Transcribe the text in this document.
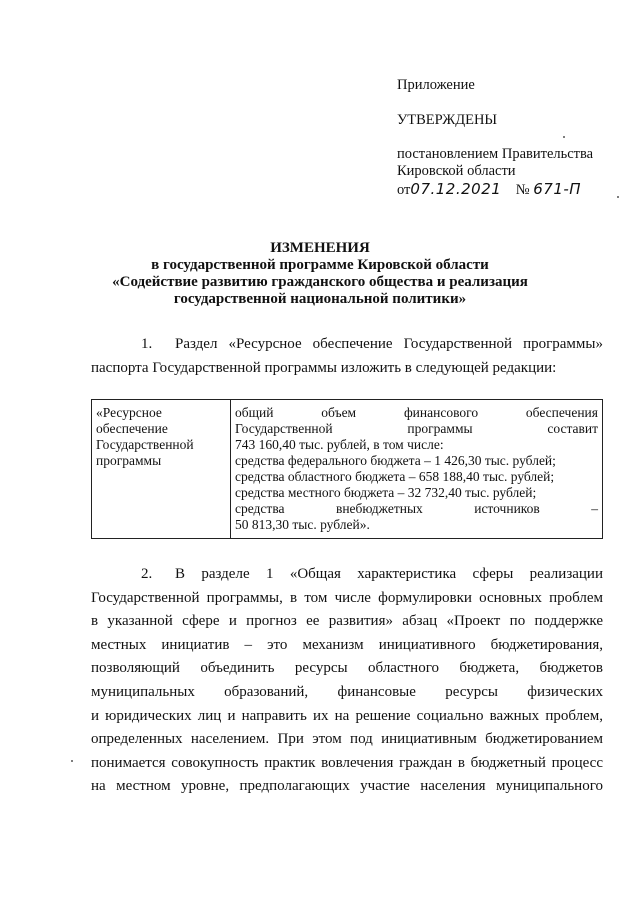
Приложение
УТВЕРЖДЕНЫ
постановлением Правительства
Кировской области
от07.12.2021 № 671-П
ИЗМЕНЕНИЯ
в государственной программе Кировской области
«Содействие развитию гражданского общества и реализация
государственной национальной политики»
1.	Раздел «Ресурсное обеспечение Государственной программы»
паспорта Государственной программы изложить в следующей редакции:
«Ресурсное
обеспечение
Государственной
программы

общий объем финансового обеспечения
Государственной программы составит
743 160,40 тыс. рублей, в том числе:
средства федерального бюджета – 1 426,30 тыс. рублей;
средства областного бюджета – 658 188,40 тыс. рублей;
средства местного бюджета – 32 732,40 тыс. рублей;
средства внебюджетных источников –
50 813,30 тыс. рублей».
2.	В разделе 1 «Общая характеристика сферы реализации
Государственной программы, в том числе формулировки основных проблем
в указанной сфере и прогноз ее развития» абзац «Проект по поддержке
местных инициатив – это механизм инициативного бюджетирования,
позволяющий объединить ресурсы областного бюджета, бюджетов
муниципальных образований, финансовые ресурсы физических
и юридических лиц и направить их на решение социально важных проблем,
определенных населением. При этом под инициативным бюджетированием
понимается совокупность практик вовлечения граждан в бюджетный процесс
на местном уровне, предполагающих участие населения муниципального
